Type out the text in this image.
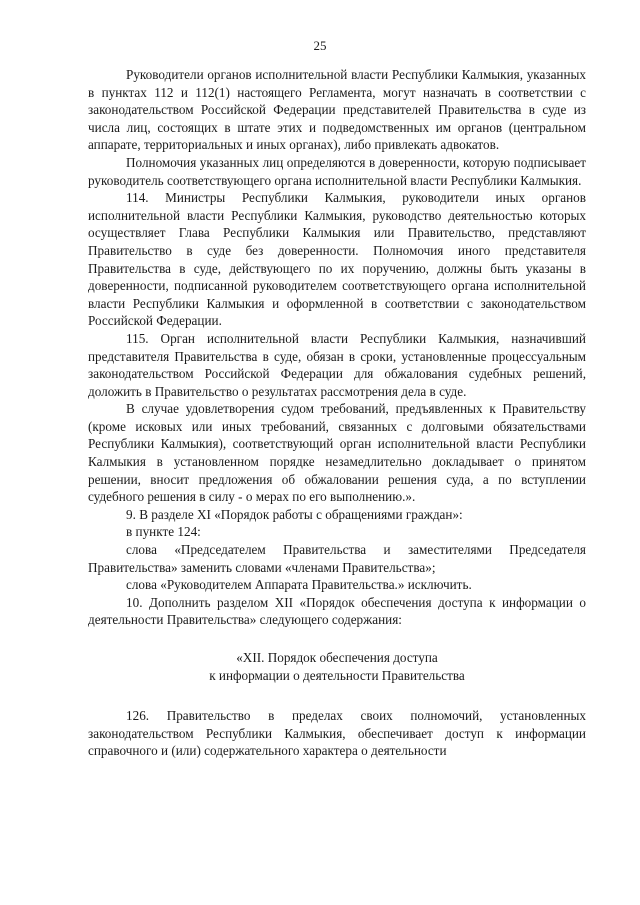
25

Руководители органов исполнительной власти Республики Калмыкия, указанных в пунктах 112 и 112(1) настоящего Регламента, могут назначать в соответствии с законодательством Российской Федерации представителей Правительства в суде из числа лиц, состоящих в штате этих и подведомственных им органов (центральном аппарате, территориальных и иных органах), либо привлекать адвокатов.

Полномочия указанных лиц определяются в доверенности, которую подписывает руководитель соответствующего органа исполнительной власти Республики Калмыкия.

114. Министры Республики Калмыкия, руководители иных органов исполнительной власти Республики Калмыкия, руководство деятельностью которых осуществляет Глава Республики Калмыкия или Правительство, представляют Правительство в суде без доверенности. Полномочия иного представителя Правительства в суде, действующего по их поручению, должны быть указаны в доверенности, подписанной руководителем соответствующего органа исполнительной власти Республики Калмыкия и оформленной в соответствии с законодательством Российской Федерации.

115. Орган исполнительной власти Республики Калмыкия, назначивший представителя Правительства в суде, обязан в сроки, установленные процессуальным законодательством Российской Федерации для обжалования судебных решений, доложить в Правительство о результатах рассмотрения дела в суде.

В случае удовлетворения судом требований, предъявленных к Правительству (кроме исковых или иных требований, связанных с долговыми обязательствами Республики Калмыкия), соответствующий орган исполнительной власти Республики Калмыкия в установленном порядке незамедлительно докладывает о принятом решении, вносит предложения об обжаловании решения суда, а по вступлении судебного решения в силу - о мерах по его выполнению.».

9. В разделе XI «Порядок работы с обращениями граждан»:

в пункте 124:

слова «Председателем Правительства и заместителями Председателя Правительства» заменить словами «членами Правительства»;

слова «Руководителем Аппарата Правительства.» исключить.

10. Дополнить разделом XII «Порядок обеспечения доступа к информации о деятельности Правительства» следующего содержания:

«XII. Порядок обеспечения доступа
к информации о деятельности Правительства

126. Правительство в пределах своих полномочий, установленных законодательством Республики Калмыкия, обеспечивает доступ к информации справочного и (или) содержательного характера о деятельности
